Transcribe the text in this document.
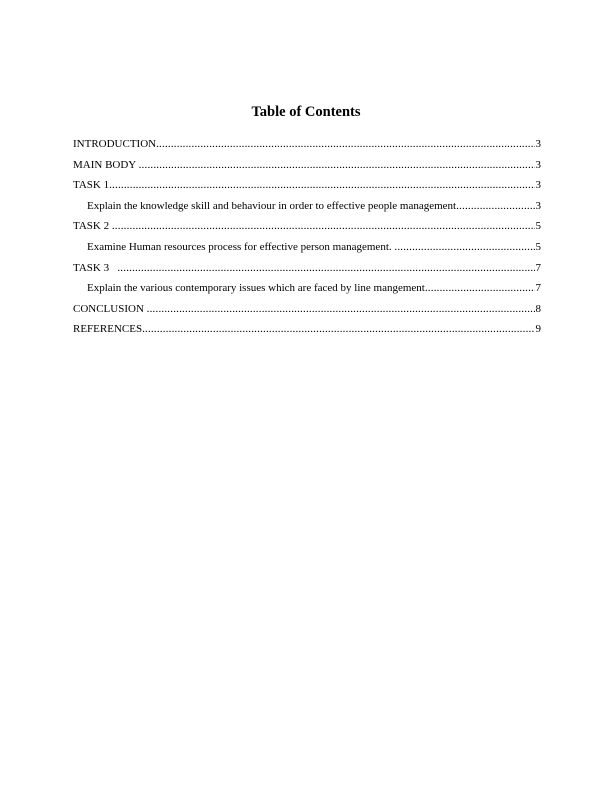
Table of Contents
INTRODUCTION .....	3
MAIN BODY .....	3
TASK 1 .....	3
Explain the knowledge skill and behaviour in order to effective people management .....	3
TASK 2 .....	5
Examine Human resources process for effective person management. .....	5
TASK 3 .....	7
Explain the various contemporary issues which are faced by line mangement .....	7
CONCLUSION .....	8
REFERENCES .....	9
